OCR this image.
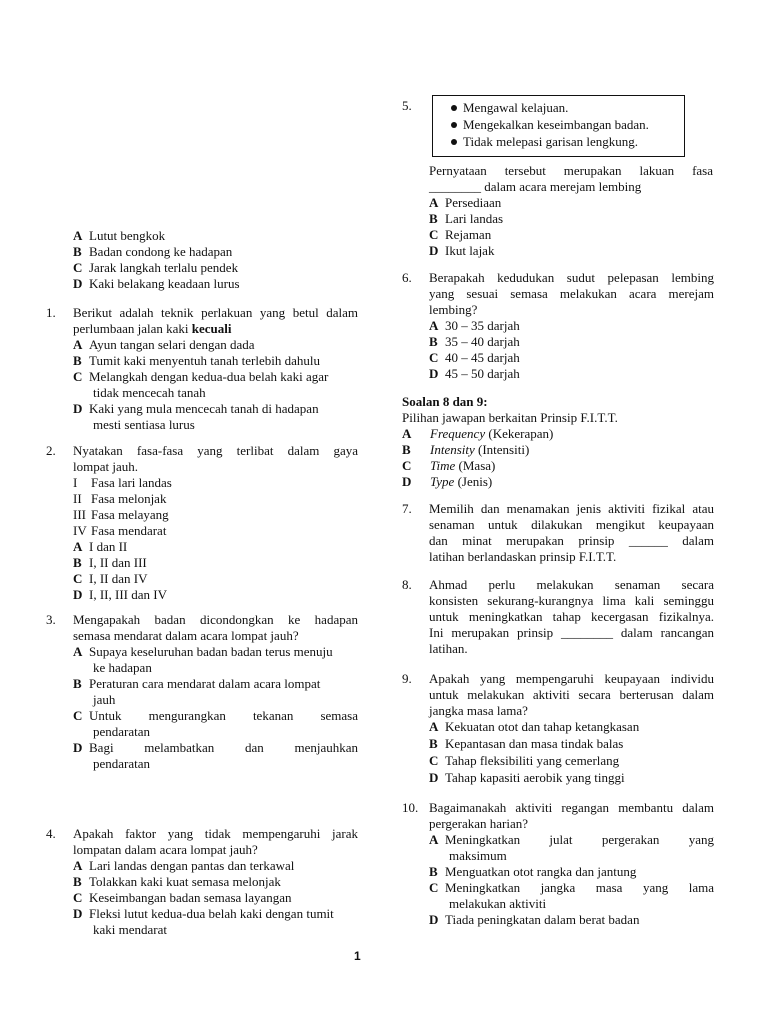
A Lutut bengkok
B Badan condong ke hadapan
C Jarak langkah terlalu pendek
D Kaki belakang keadaan lurus
1. Berikut adalah teknik perlakuan yang betul dalam
perlumbaan jalan kaki kecuali
A Ayun tangan selari dengan dada
B Tumit kaki menyentuh tanah terlebih dahulu
C Melangkah dengan kedua-dua belah kaki agar
tidak mencecah tanah
D Kaki yang mula mencecah tanah di hadapan
mesti sentiasa lurus
2. Nyatakan fasa-fasa yang terlibat dalam gaya
lompat jauh.
I Fasa lari landas
II Fasa melonjak
III Fasa melayang
IV Fasa mendarat
A I dan II
B I, II dan III
C I, II dan IV
D I, II, III dan IV
3. Mengapakah badan dicondongkan ke hadapan
semasa mendarat dalam acara lompat jauh?
A Supaya keseluruhan badan badan terus menuju
ke hadapan
B Peraturan cara mendarat dalam acara lompat
jauh
C Untuk mengurangkan tekanan semasa
pendaratan
D Bagi melambatkan dan menjauhkan
pendaratan
4. Apakah faktor yang tidak mempengaruhi jarak
lompatan dalam acara lompat jauh?
A Lari landas dengan pantas dan terkawal
B Tolakkan kaki kuat semasa melonjak
C Keseimbangan badan semasa layangan
D Fleksi lutut kedua-dua belah kaki dengan tumit
kaki mendarat
5.	Mengawal kelajuan.
Mengekalkan keseimbangan badan.
Tidak melepasi garisan lengkung.
Pernyataan tersebut merupakan lakuan fasa
________ dalam acara merejam lembing
A Persediaan
B Lari landas
C Rejaman
D Ikut lajak
6. Berapakah kedudukan sudut pelepasan lembing
yang sesuai semasa melakukan acara merejam
lembing?
A 30 – 35 darjah
B 35 – 40 darjah
C 40 – 45 darjah
D 45 – 50 darjah
Soalan 8 dan 9:
Pilihan jawapan berkaitan Prinsip F.I.T.T.
A Frequency (Kekerapan)
B Intensity (Intensiti)
C Time (Masa)
D Type (Jenis)
7. Memilih dan menamakan jenis aktiviti fizikal atau
senaman untuk dilakukan mengikut keupayaan
dan minat merupakan prinsip ______ dalam
latihan berlandaskan prinsip F.I.T.T.
8. Ahmad perlu melakukan senaman secara
konsisten sekurang-kurangnya lima kali seminggu
untuk meningkatkan tahap kecergasan fizikalnya.
Ini merupakan prinsip ________ dalam rancangan
latihan.
9. Apakah yang mempengaruhi keupayaan individu
untuk melakukan aktiviti secara berterusan dalam
jangka masa lama?
A Kekuatan otot dan tahap ketangkasan
B Kepantasan dan masa tindak balas
C Tahap fleksibiliti yang cemerlang
D Tahap kapasiti aerobik yang tinggi
10. Bagaimanakah aktiviti regangan membantu dalam
pergerakan harian?
A Meningkatkan julat pergerakan yang
maksimum
B Menguatkan otot rangka dan jantung
C Meningkatkan jangka masa yang lama
melakukan aktiviti
D Tiada peningkatan dalam berat badan
1
